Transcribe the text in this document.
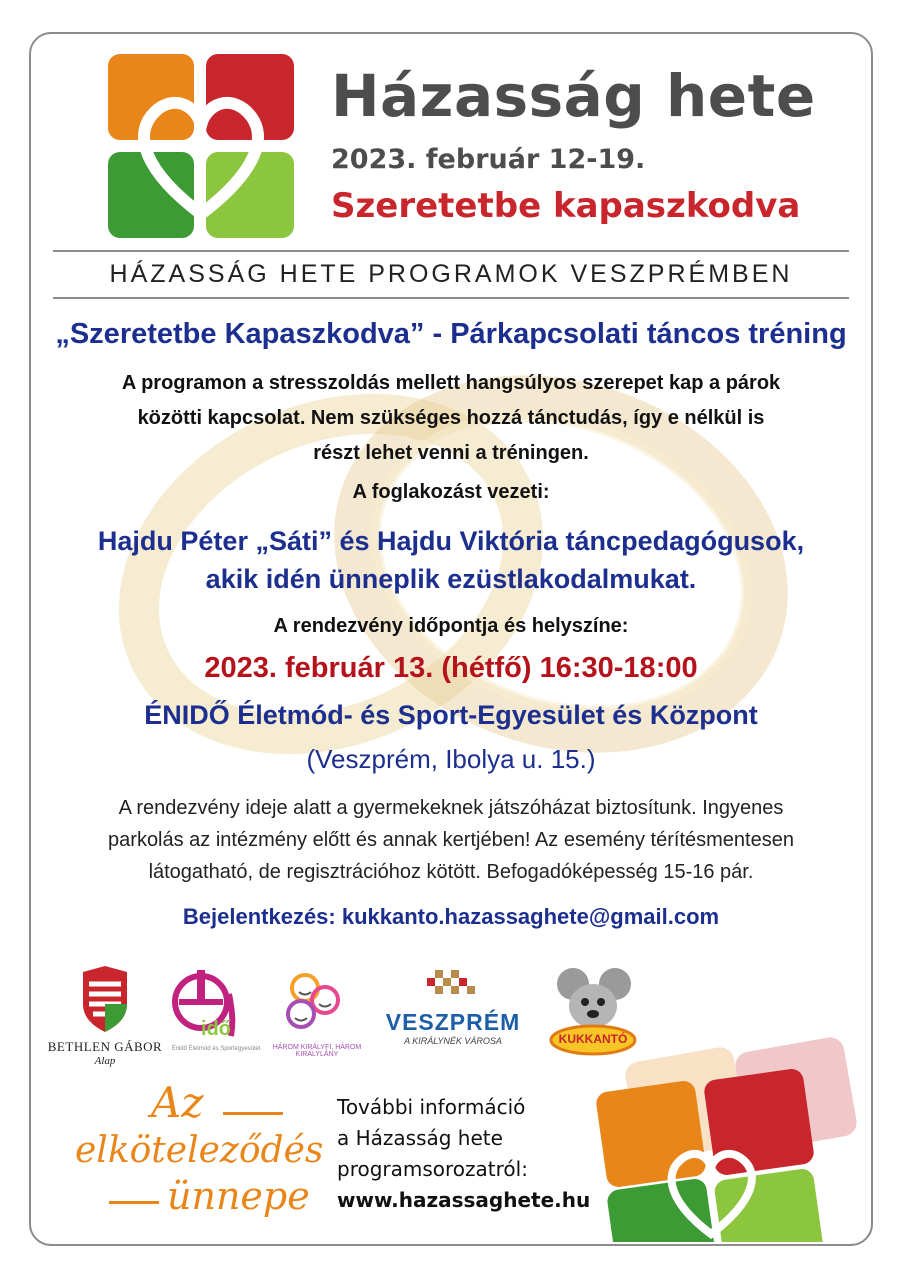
Házasság hete
2023. február 12-19.
Szeretetbe kapaszkodva
HÁZASSÁG HETE PROGRAMOK VESZPRÉMBEN
„Szeretetbe Kapaszkodva” - Párkapcsolati táncos tréning
A programon a stresszoldás mellett hangsúlyos szerepet kap a párok
közötti kapcsolat. Nem szükséges hozzá tánctudás, így e nélkül is
részt lehet venni a tréningen.
A foglakozást vezeti:
Hajdu Péter „Sáti” és Hajdu Viktória táncpedagógusok,
akik idén ünneplik ezüstlakodalmukat.
A rendezvény időpontja és helyszíne:
2023. február 13. (hétfő) 16:30-18:00
ÉNIDŐ Életmód- és Sport-Egyesület és Központ
(Veszprém, Ibolya u. 15.)
A rendezvény ideje alatt a gyermekeknek játszóházat biztosítunk. Ingyenes
parkolás az intézmény előtt és annak kertjében! Az esemény térítésmentesen
látogatható, de regisztrációhoz kötött. Befogadóképesség 15-16 pár.
Bejelentkezés: kukkanto.hazassaghete@gmail.com
BETHLEN GÁBOR
Alap
idő
Énidő Életmód és Sportegyesület	HÁROM KIRÁLYFI, HÁROM KIRÁLYLÁNY
VESZPRÉM
A KIRÁLYNÉK VÁROSA	KUKKANTÓ
Az
elköteleződés
ünnepe
További információ
a Házasság hete
programsorozatról:
www.hazassaghete.hu
